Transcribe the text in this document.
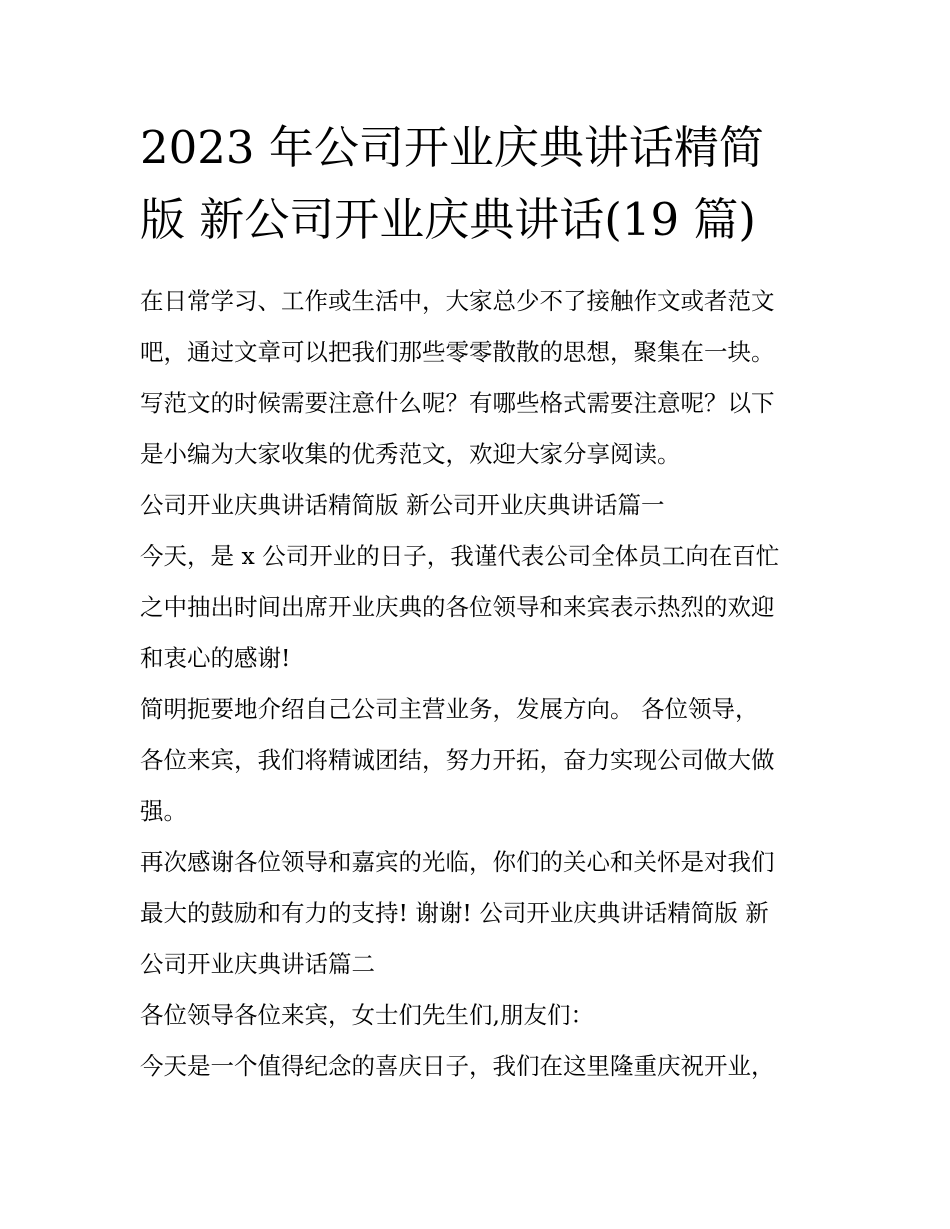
2023 年公司开业庆典讲话精简
版 新公司开业庆典讲话(19 篇)
在日常学习、工作或生活中，大家总少不了接触作文或者范文
吧，通过文章可以把我们那些零零散散的思想，聚集在一块。
写范文的时候需要注意什么呢？有哪些格式需要注意呢？以下
是小编为大家收集的优秀范文，欢迎大家分享阅读。
公司开业庆典讲话精简版 新公司开业庆典讲话篇一
今天，是 x 公司开业的日子，我谨代表公司全体员工向在百忙
之中抽出时间出席开业庆典的各位领导和来宾表示热烈的欢迎
和衷心的感谢!
简明扼要地介绍自己公司主营业务，发展方向。 各位领导，
各位来宾，我们将精诚团结，努力开拓，奋力实现公司做大做
强。
再次感谢各位领导和嘉宾的光临，你们的关心和关怀是对我们
最大的鼓励和有力的支持! 谢谢! 公司开业庆典讲话精简版 新
公司开业庆典讲话篇二
各位领导各位来宾，女士们先生们,朋友们：
今天是一个值得纪念的喜庆日子，我们在这里隆重庆祝开业，
